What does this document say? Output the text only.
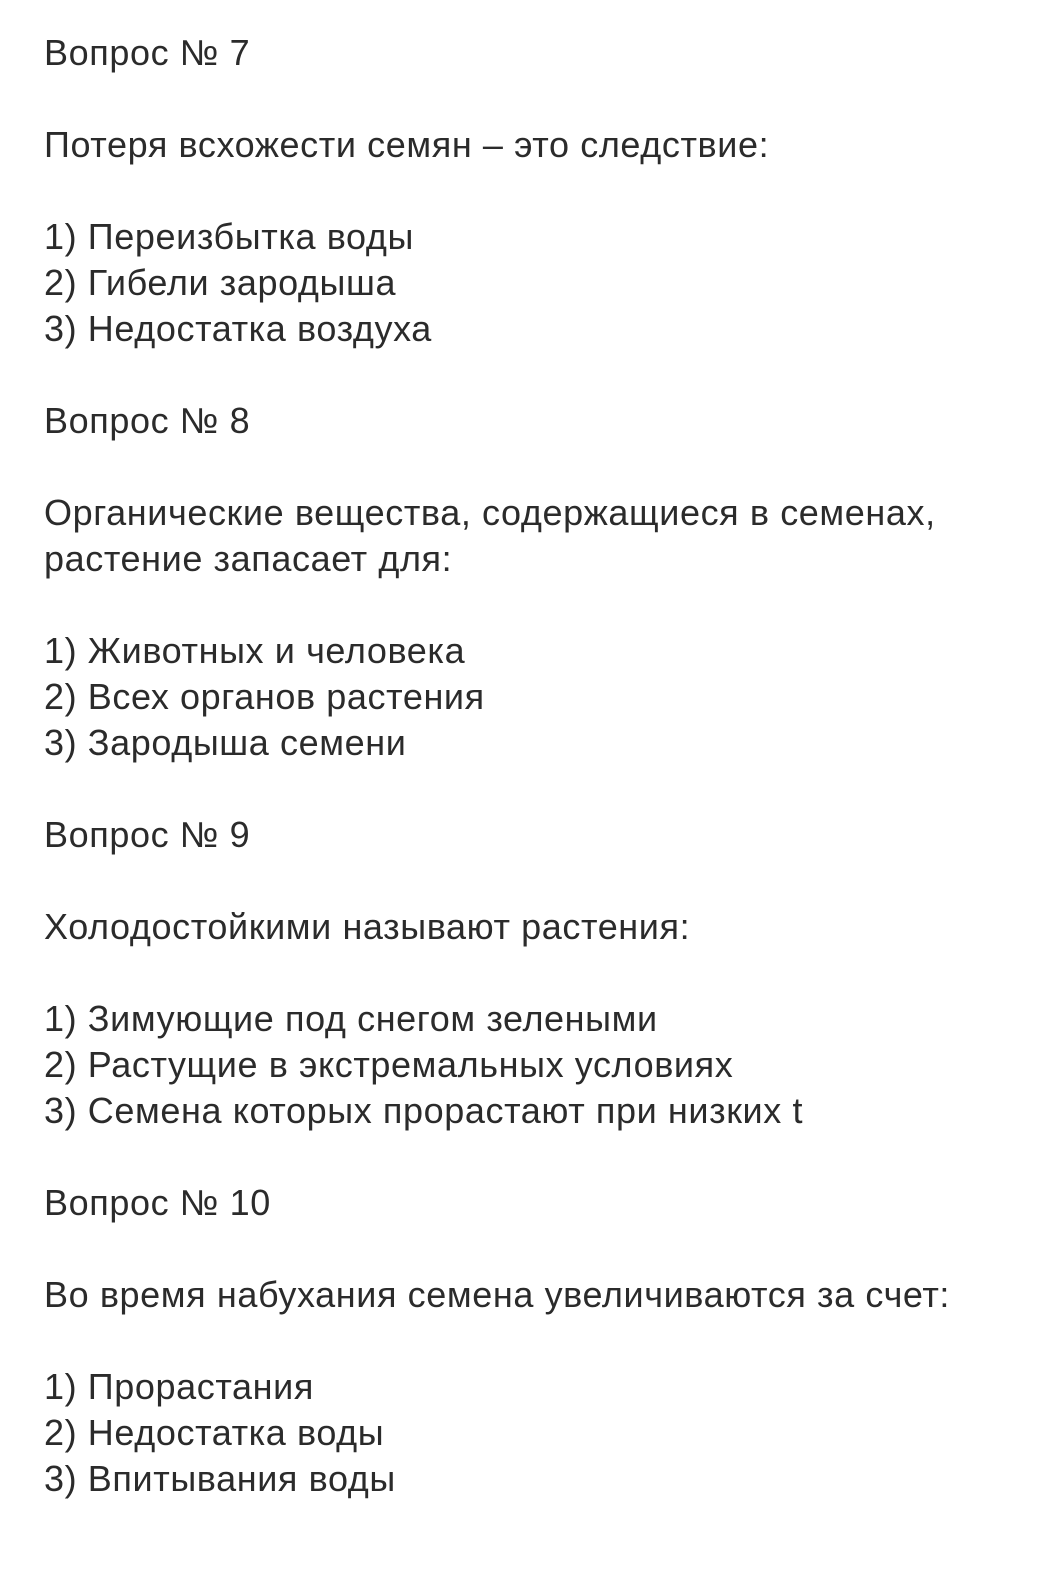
Вопрос № 7

Потеря всхожести семян – это следствие:

1) Переизбытка воды
2) Гибели зародыша
3) Недостатка воздуха

Вопрос № 8

Органические вещества, содержащиеся в семенах, растение запасает для:

1) Животных и человека
2) Всех органов растения
3) Зародыша семени

Вопрос № 9

Холодостойкими называют растения:

1) Зимующие под снегом зелеными
2) Растущие в экстремальных условиях
3) Семена которых прорастают при низких t

Вопрос № 10

Во время набухания семена увеличиваются за счет:

1) Прорастания
2) Недостатка воды
3) Впитывания воды
